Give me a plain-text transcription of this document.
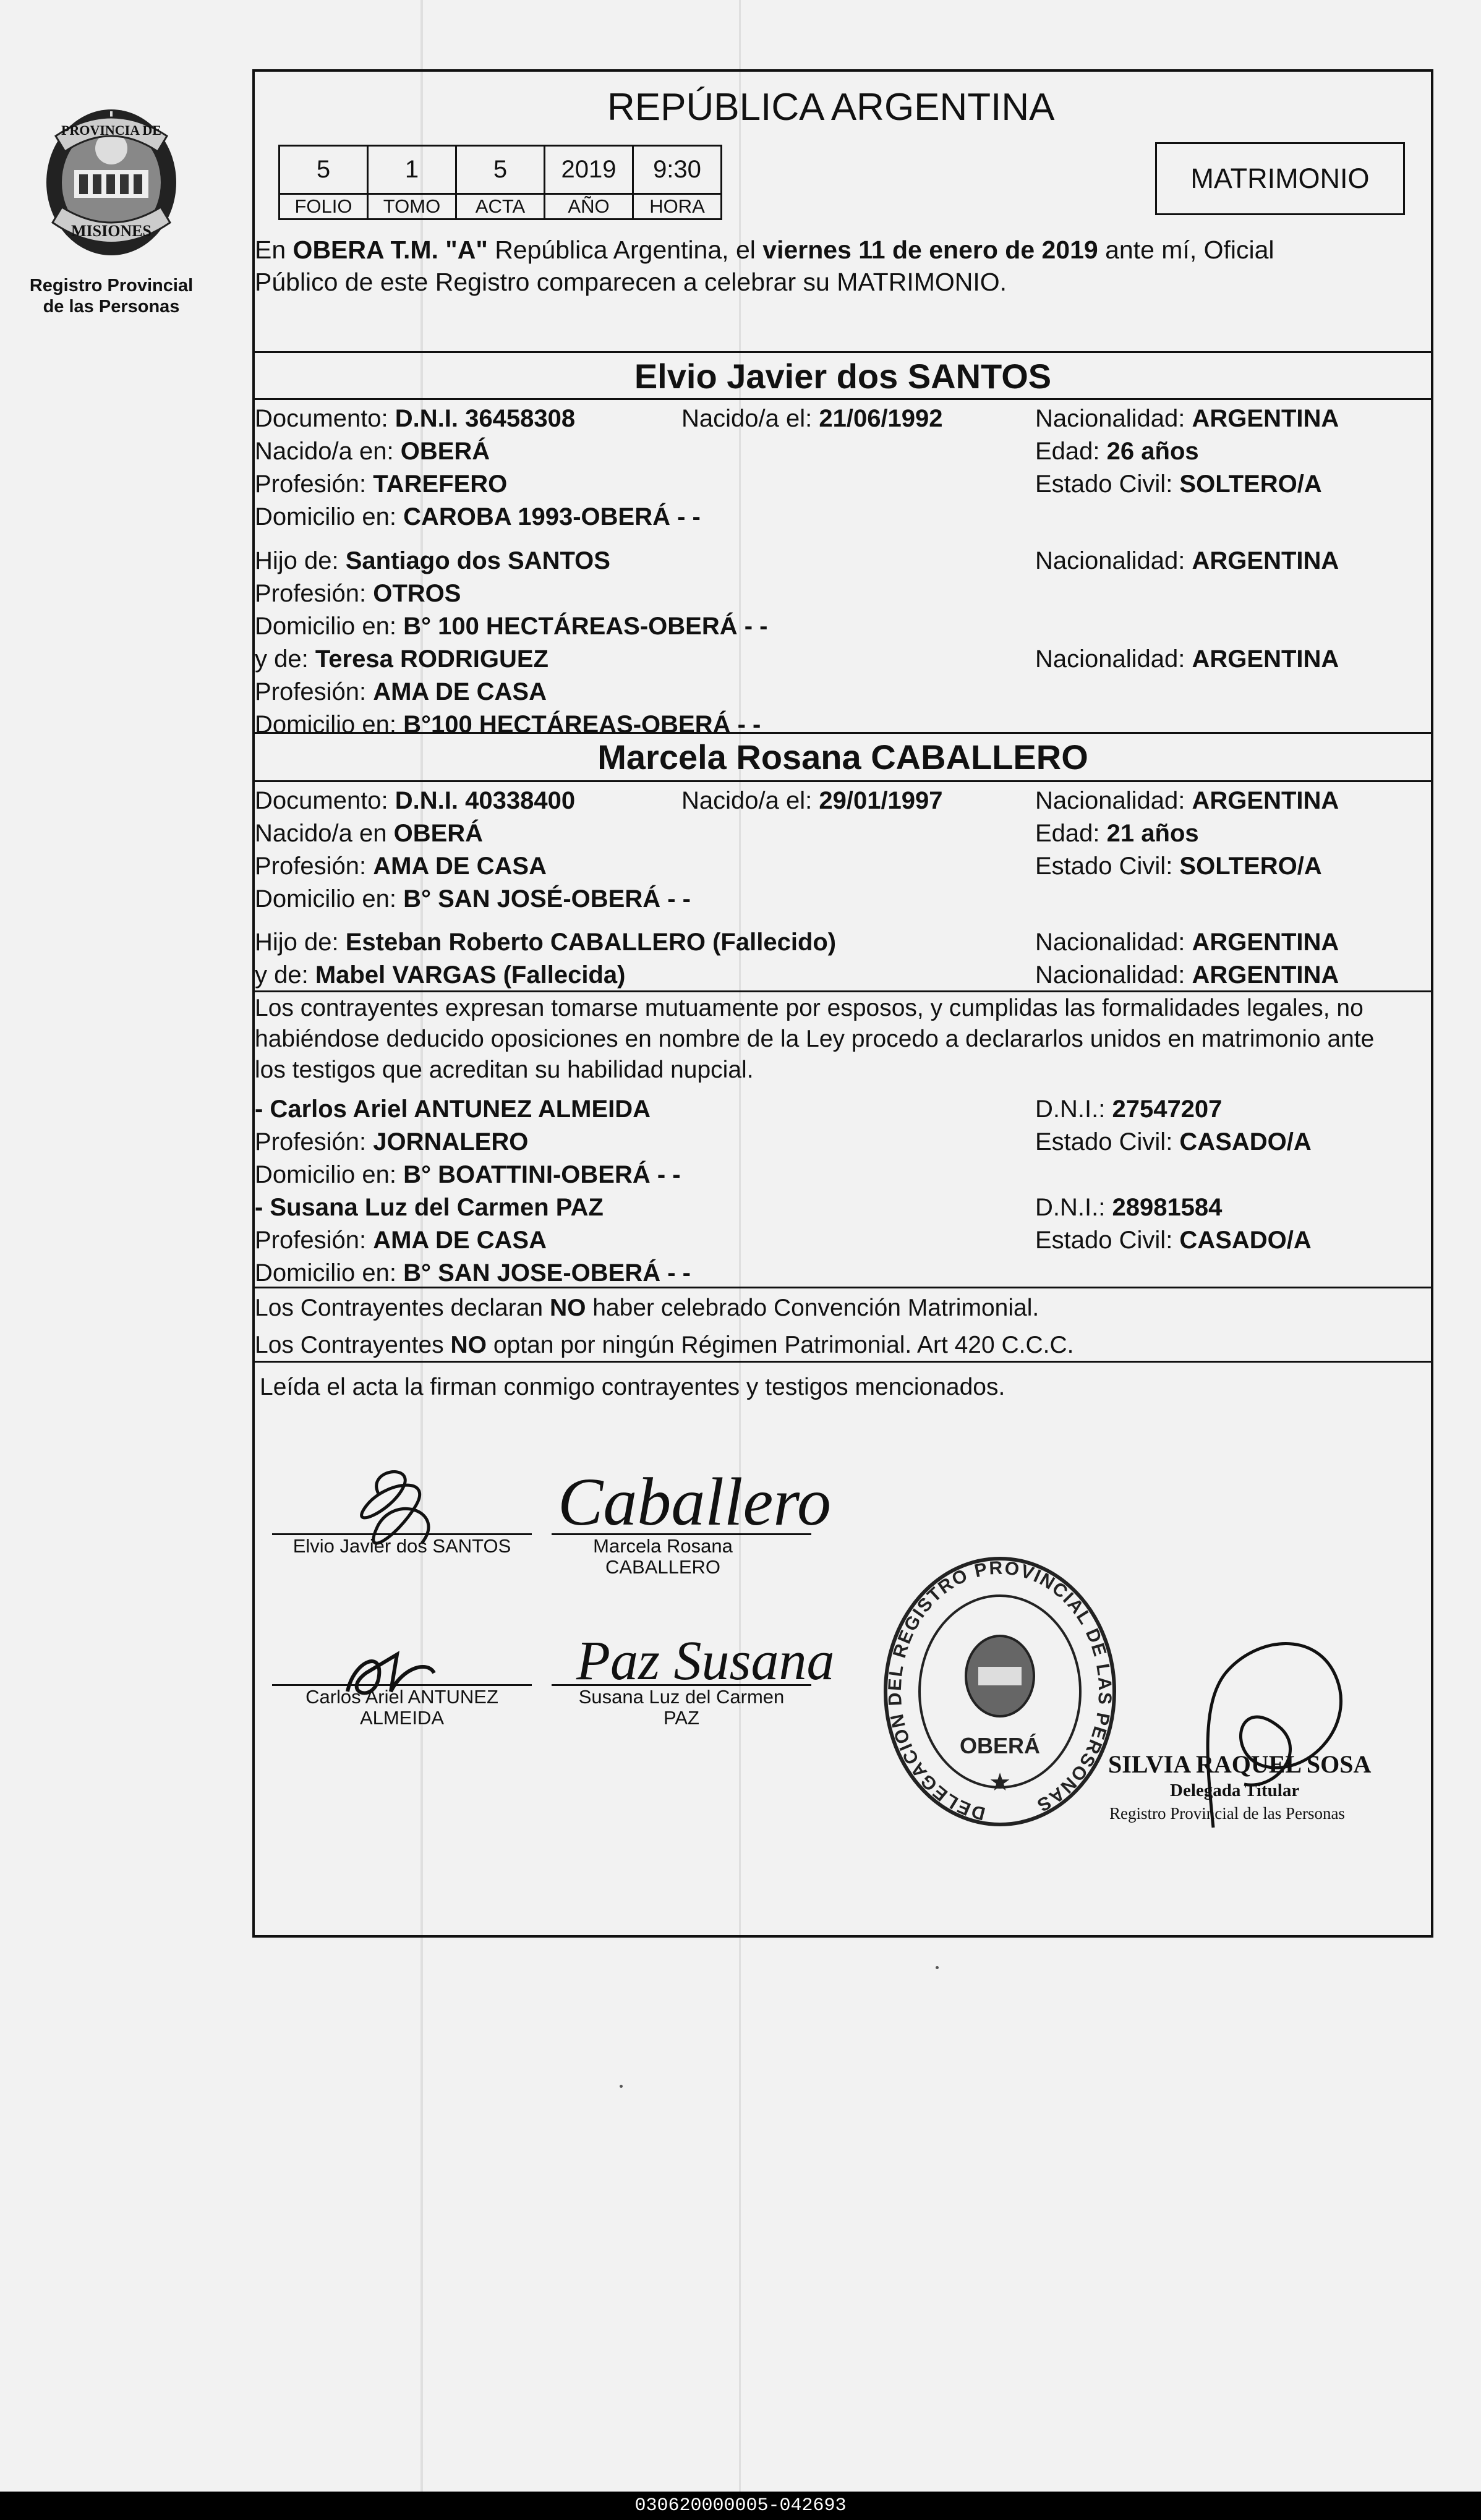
PROVINCIA DE
MISIONES
Registro Provincial
de las Personas
REPÚBLICA ARGENTINA
5	1	5	2019	9:30
FOLIO	TOMO	ACTA	AÑO	HORA
MATRIMONIO
En OBERA T.M. "A" República Argentina, el viernes 11 de enero de 2019 ante mí, Oficial
Público de este Registro comparecen a celebrar su MATRIMONIO.
Elvio Javier dos SANTOS
Documento: D.N.I. 36458308	Nacido/a el: 21/06/1992	Nacionalidad: ARGENTINA
Nacido/a en: OBERÁ	Edad: 26 años
Profesión: TAREFERO	Estado Civil: SOLTERO/A
Domicilio en: CAROBA 1993-OBERÁ - -
Hijo de: Santiago dos SANTOS	Nacionalidad: ARGENTINA
Profesión: OTROS
Domicilio en: B° 100 HECTÁREAS-OBERÁ - -
y de: Teresa RODRIGUEZ	Nacionalidad: ARGENTINA
Profesión: AMA DE CASA
Domicilio en: B°100 HECTÁREAS-OBERÁ - -
Marcela Rosana CABALLERO
Documento: D.N.I. 40338400	Nacido/a el: 29/01/1997	Nacionalidad: ARGENTINA
Nacido/a en OBERÁ	Edad: 21 años
Profesión: AMA DE CASA	Estado Civil: SOLTERO/A
Domicilio en: B° SAN JOSÉ-OBERÁ - -
Hijo de: Esteban Roberto CABALLERO (Fallecido)	Nacionalidad: ARGENTINA
y de: Mabel VARGAS (Fallecida)	Nacionalidad: ARGENTINA
Los contrayentes expresan tomarse mutuamente por esposos, y cumplidas las formalidades legales, no
habiéndose deducido oposiciones en nombre de la Ley procedo a declararlos unidos en matrimonio ante
los testigos que acreditan su habilidad nupcial.
- Carlos Ariel ANTUNEZ ALMEIDA	D.N.I.: 27547207
Profesión: JORNALERO	Estado Civil: CASADO/A
Domicilio en: B° BOATTINI-OBERÁ - -
- Susana Luz del Carmen PAZ	D.N.I.: 28981584
Profesión: AMA DE CASA	Estado Civil: CASADO/A
Domicilio en: B° SAN JOSE-OBERÁ - -
Los Contrayentes declaran NO haber celebrado Convención Matrimonial.
Los Contrayentes NO optan por ningún Régimen Patrimonial. Art 420 C.C.C.
Leída el acta la firman conmigo contrayentes y testigos mencionados.
Elvio Javier dos SANTOS
Caballero
Marcela Rosana
CABALLERO
Carlos Ariel ANTUNEZ
ALMEIDA
Paz Susana
Susana Luz del Carmen
PAZ
DELEGACION DEL REGISTRO PROVINCIAL DE LAS PERSONAS
OBERÁ
★
SILVIA RAQUEL SOSA
Delegada Titular
Registro Provincial de las Personas
030620000005-042693
